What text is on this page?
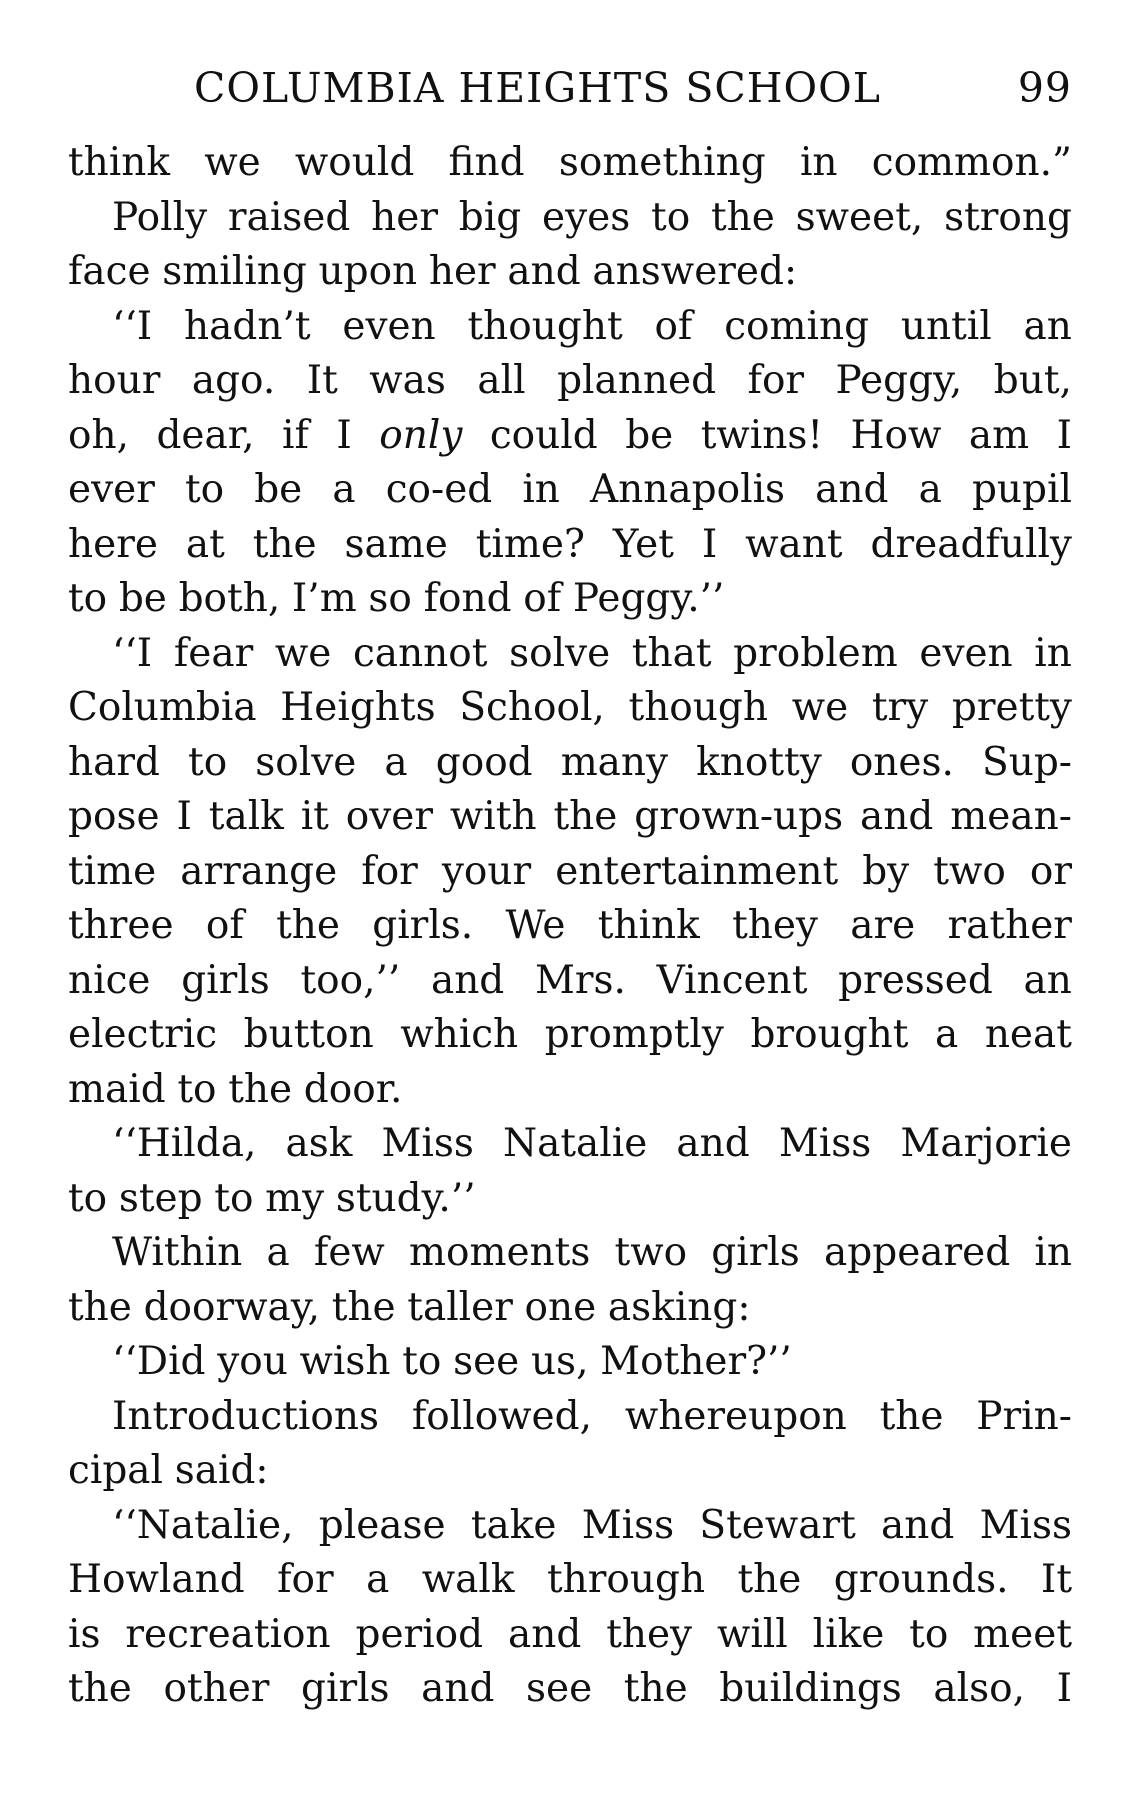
COLUMBIA HEIGHTS SCHOOL	99
think we would find something in common.”
Polly raised her big eyes to the sweet, strong
face smiling upon her and answered:
‘‘I hadn’t even thought of coming until an
hour ago. It was all planned for Peggy, but,
oh, dear, if I only could be twins! How am I
ever to be a co-ed in Annapolis and a pupil
here at the same time? Yet I want dreadfully
to be both, I’m so fond of Peggy.’’
‘‘I fear we cannot solve that problem even in
Columbia Heights School, though we try pretty
hard to solve a good many knotty ones. Sup-
pose I talk it over with the grown-ups and mean-
time arrange for your entertainment by two or
three of the girls. We think they are rather
nice girls too,’’ and Mrs. Vincent pressed an
electric button which promptly brought a neat
maid to the door.
‘‘Hilda, ask Miss Natalie and Miss Marjorie
to step to my study.’’
Within a few moments two girls appeared in
the doorway, the taller one asking:
‘‘Did you wish to see us, Mother?’’
Introductions followed, whereupon the Prin-
cipal said:
‘‘Natalie, please take Miss Stewart and Miss
Howland for a walk through the grounds. It
is recreation period and they will like to meet
the other girls and see the buildings also, I
